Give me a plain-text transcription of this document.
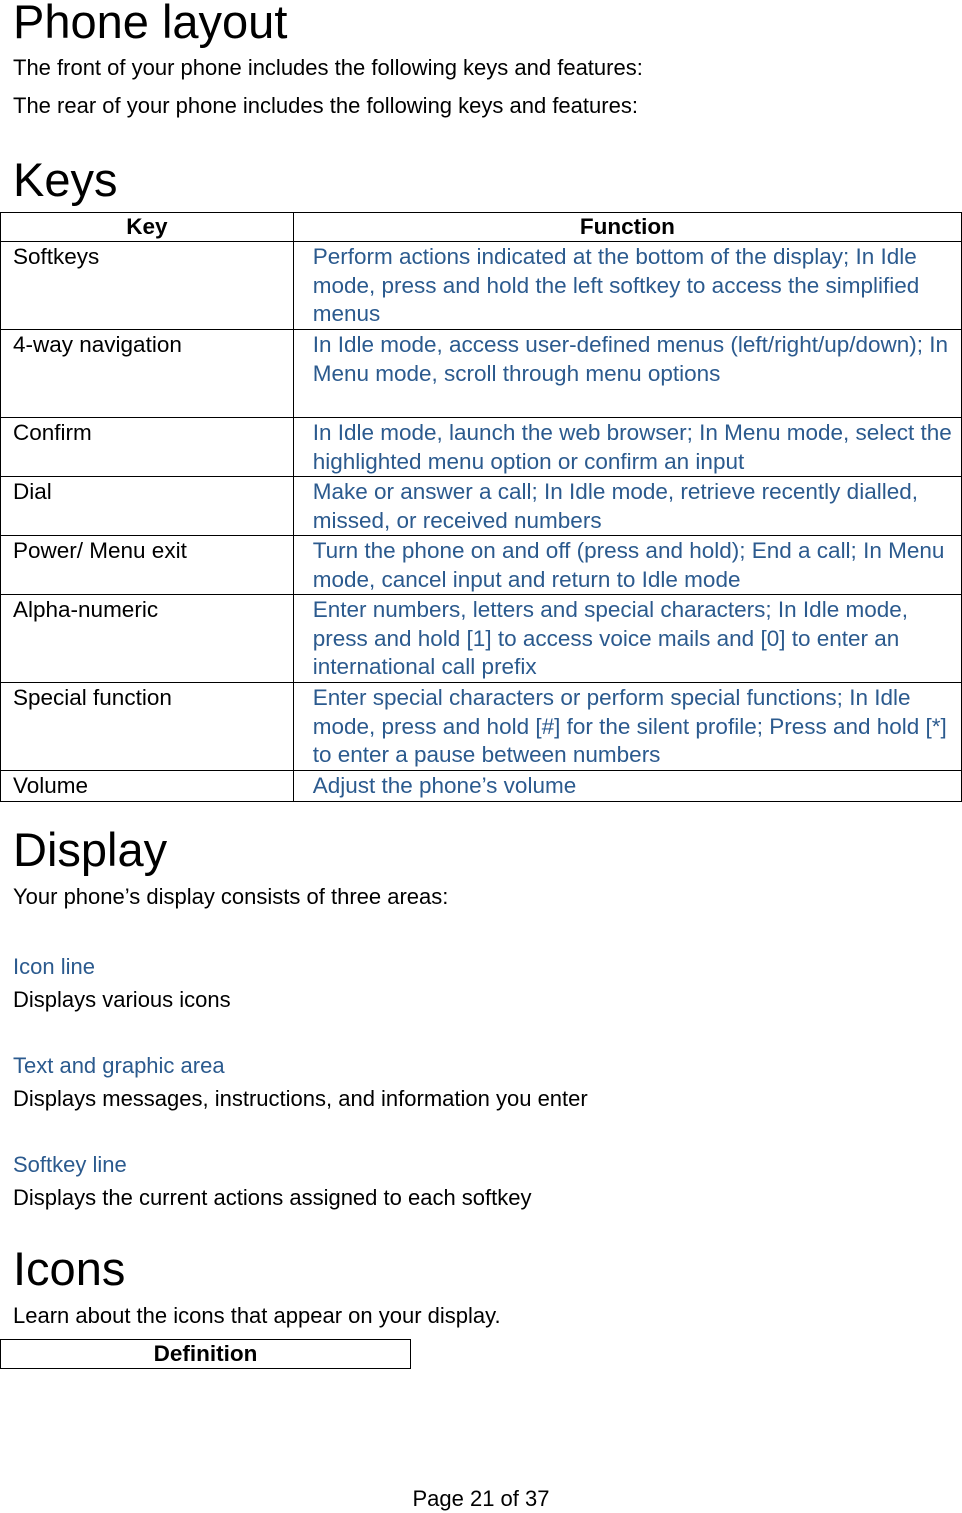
Phone layout

The front of your phone includes the following keys and features:

The rear of your phone includes the following keys and features:

Keys
Key	Function
Softkeys	Perform actions indicated at the bottom of the display; In Idle mode, press and hold the left softkey to access the simplified menus
4-way navigation	In Idle mode, access user-defined menus (left/right/up/down); In Menu mode, scroll through menu options
Confirm	In Idle mode, launch the web browser; In Menu mode, select the highlighted menu option or confirm an input
Dial	Make or answer a call; In Idle mode, retrieve recently dialled, missed, or received numbers
Power/ Menu exit	Turn the phone on and off (press and hold); End a call; In Menu mode, cancel input and return to Idle mode
Alpha-numeric	Enter numbers, letters and special characters; In Idle mode, press and hold [1] to access voice mails and [0] to enter an international call prefix
Special function	Enter special characters or perform special functions; In Idle mode, press and hold [#] for the silent profile; Press and hold [*] to enter a pause between numbers
Volume	Adjust the phone’s volume
Display

Your phone’s display consists of three areas:

Icon line

Displays various icons

Text and graphic area

Displays messages, instructions, and information you enter

Softkey line

Displays the current actions assigned to each softkey

Icons

Learn about the icons that appear on your display.

Definition
Page 21 of 37
